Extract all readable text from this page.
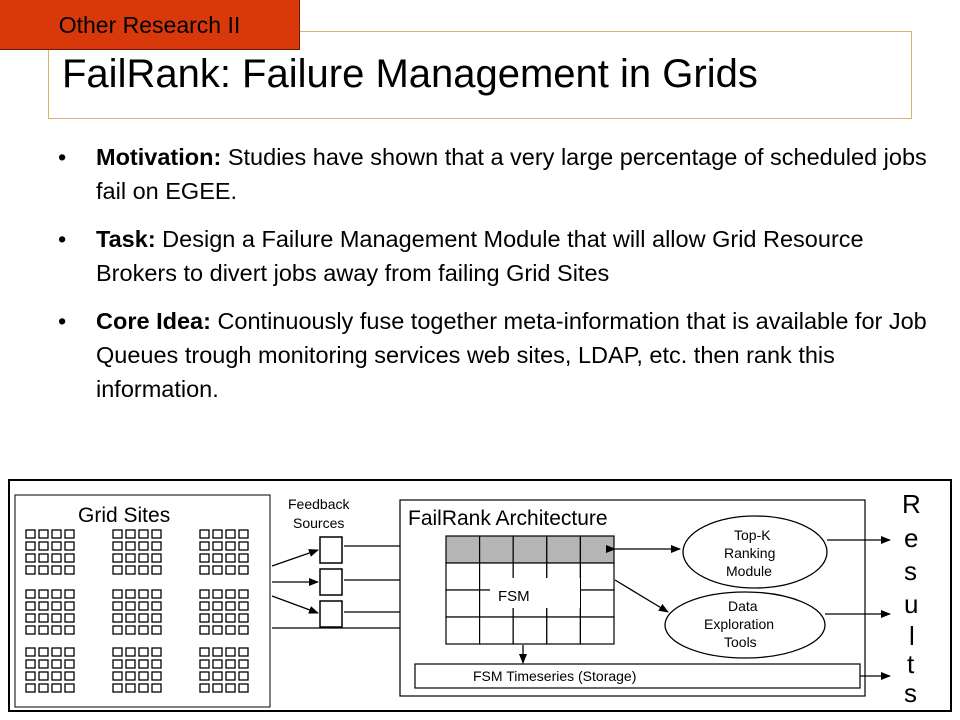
FailRank: Failure Management in Grids
Other Research II
• Motivation: Studies have shown that a very large percentage of scheduled jobs fail on EGEE.
• Task: Design a Failure Management Module that will allow Grid Resource Brokers to divert jobs away from failing Grid Sites
• Core Idea: Continuously fuse together meta-information that is available for Job Queues trough monitoring services web sites, LDAP, etc. then rank this information.
Grid Sites	Feedback
Sources	FailRank Architecture
FSM
FSM Timeseries (Storage)
Top-K
Ranking
Module
Data
Exploration
Tools
R
e
s
u
l
t
s
